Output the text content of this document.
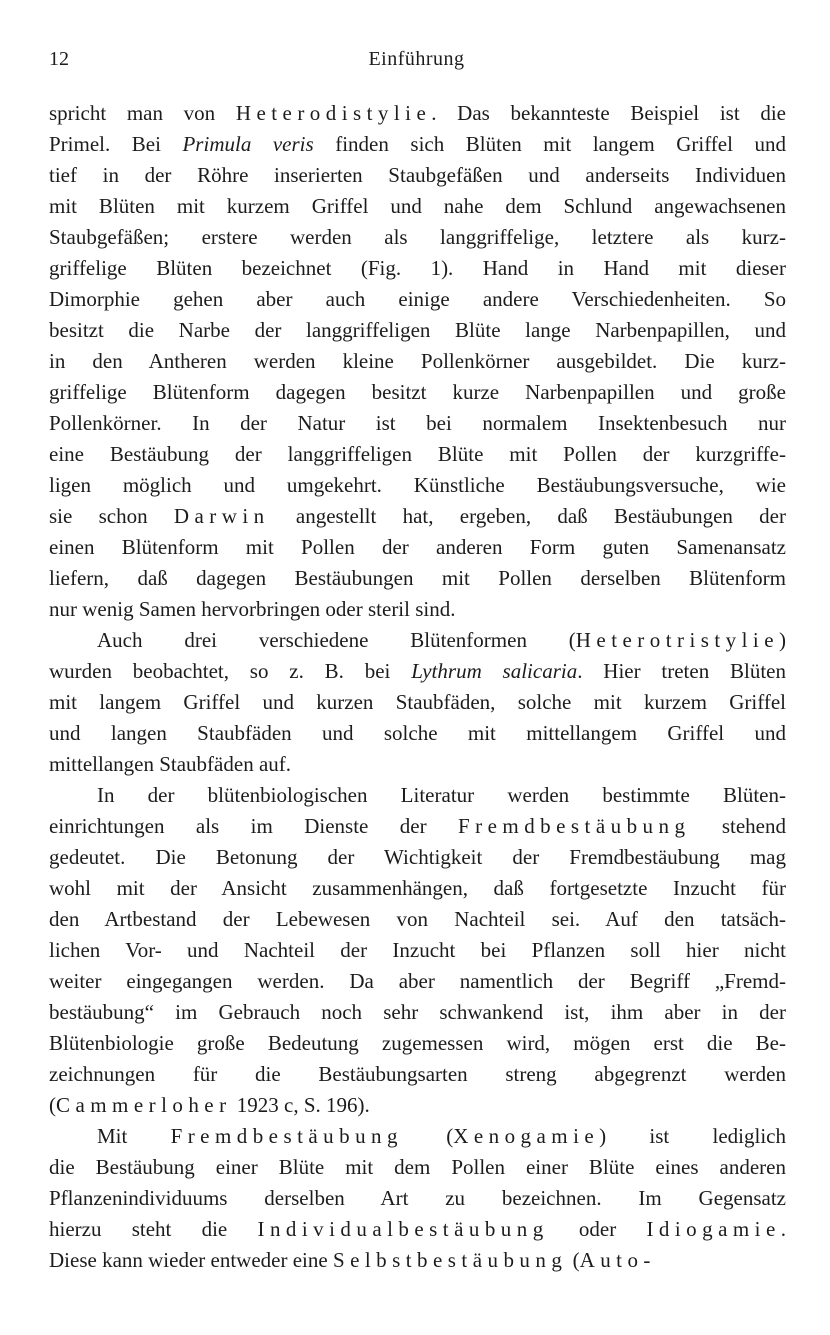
12	Einführung
spricht man von Heterodistylie. Das bekannteste Beispiel ist die
Primel. Bei Primula veris finden sich Blüten mit langem Griffel und
tief in der Röhre inserierten Staubgefäßen und anderseits Individuen
mit Blüten mit kurzem Griffel und nahe dem Schlund angewachsenen
Staubgefäßen; erstere werden als langgriffelige, letztere als kurz-
griffelige Blüten bezeichnet (Fig. 1). Hand in Hand mit dieser
Dimorphie gehen aber auch einige andere Verschiedenheiten. So
besitzt die Narbe der langgriffeligen Blüte lange Narbenpapillen, und
in den Antheren werden kleine Pollenkörner ausgebildet. Die kurz-
griffelige Blütenform dagegen besitzt kurze Narbenpapillen und große
Pollenkörner. In der Natur ist bei normalem Insektenbesuch nur
eine Bestäubung der langgriffeligen Blüte mit Pollen der kurzgriffe-
ligen möglich und umgekehrt. Künstliche Bestäubungsversuche, wie
sie schon Darwin angestellt hat, ergeben, daß Bestäubungen der
einen Blütenform mit Pollen der anderen Form guten Samenansatz
liefern, daß dagegen Bestäubungen mit Pollen derselben Blütenform
nur wenig Samen hervorbringen oder steril sind.
Auch drei verschiedene Blütenformen (Heterotristylie)
wurden beobachtet, so z. B. bei Lythrum salicaria. Hier treten Blüten
mit langem Griffel und kurzen Staubfäden, solche mit kurzem Griffel
und langen Staubfäden und solche mit mittellangem Griffel und
mittellangen Staubfäden auf.
In der blütenbiologischen Literatur werden bestimmte Blüten-
einrichtungen als im Dienste der Fremdbestäubung stehend
gedeutet. Die Betonung der Wichtigkeit der Fremdbestäubung mag
wohl mit der Ansicht zusammenhängen, daß fortgesetzte Inzucht für
den Artbestand der Lebewesen von Nachteil sei. Auf den tatsäch-
lichen Vor- und Nachteil der Inzucht bei Pflanzen soll hier nicht
weiter eingegangen werden. Da aber namentlich der Begriff „Fremd-
bestäubung“ im Gebrauch noch sehr schwankend ist, ihm aber in der
Blütenbiologie große Bedeutung zugemessen wird, mögen erst die Be-
zeichnungen für die Bestäubungsarten streng abgegrenzt werden
(Cammerloher 1923 c, S. 196).
Mit Fremdbestäubung (Xenogamie) ist lediglich
die Bestäubung einer Blüte mit dem Pollen einer Blüte eines anderen
Pflanzenindividuums derselben Art zu bezeichnen. Im Gegensatz
hierzu steht die Individualbestäubung oder Idiogamie.
Diese kann wieder entweder eine Selbstbestäubung (Auto-
